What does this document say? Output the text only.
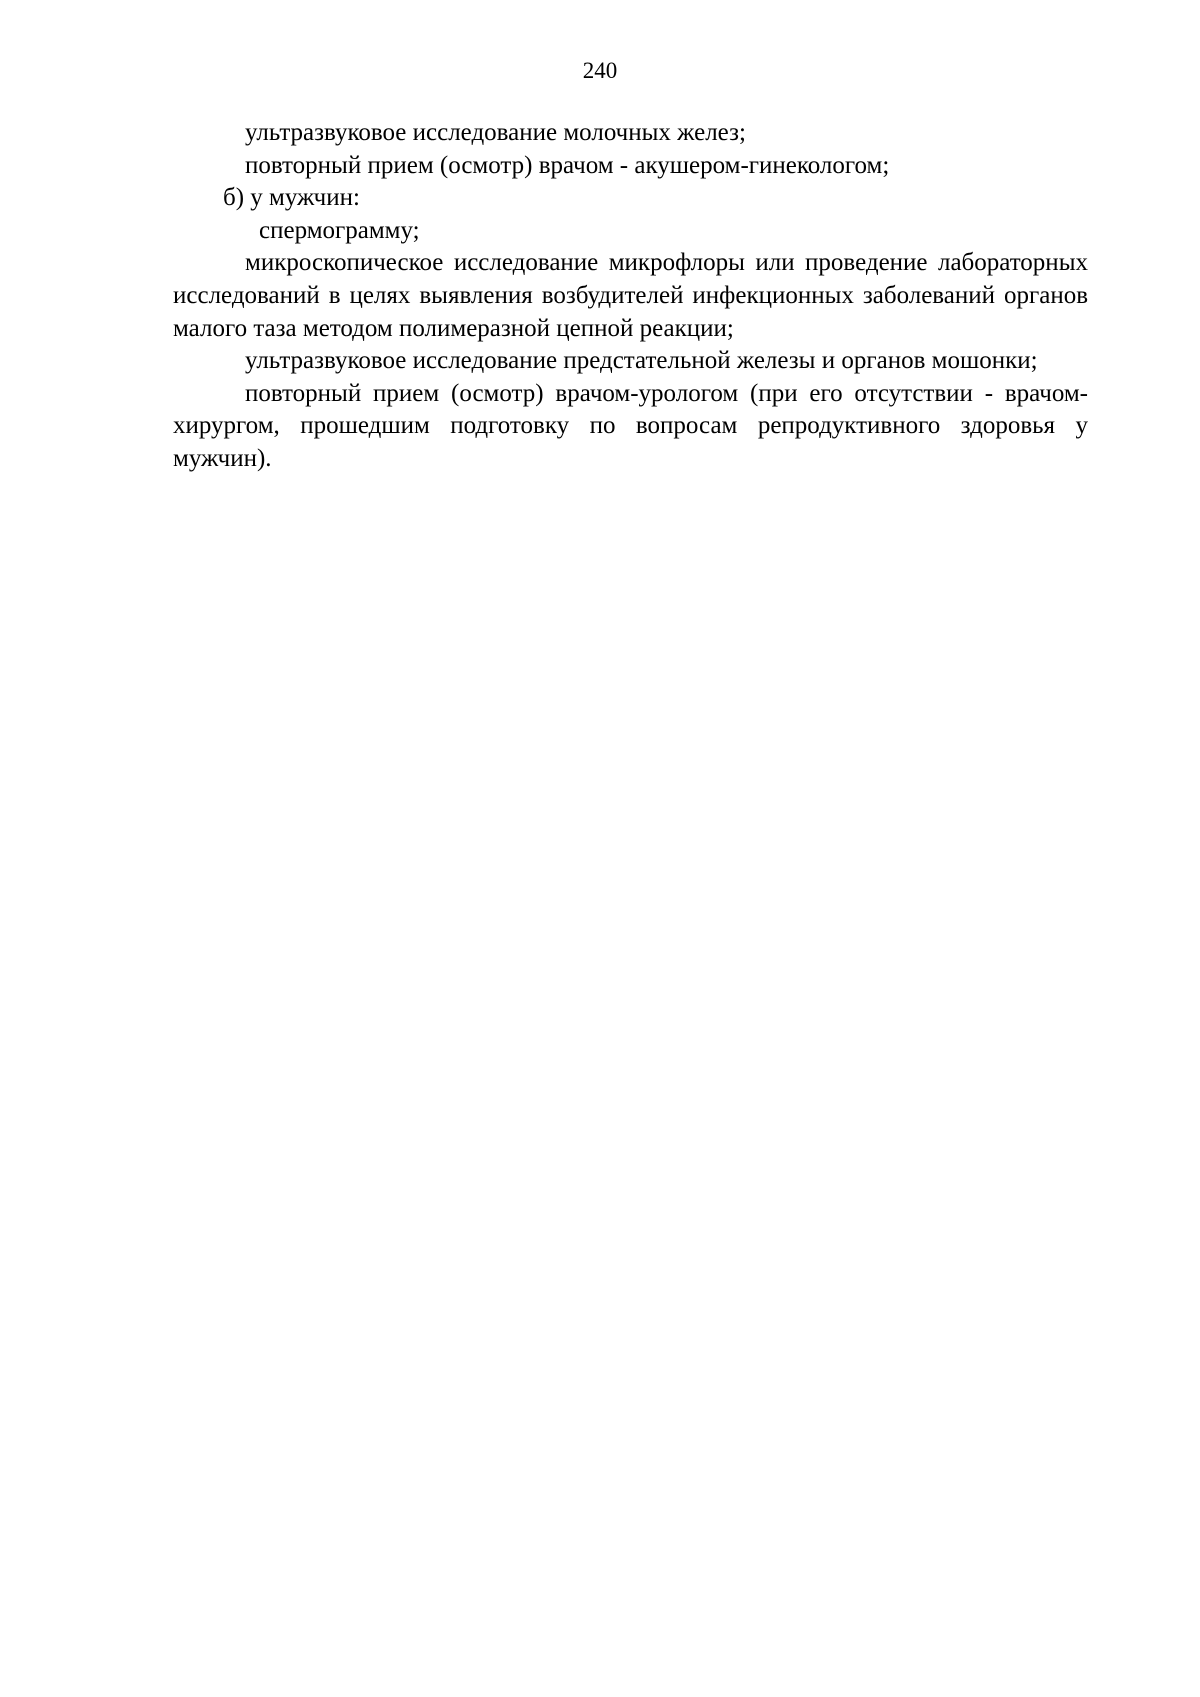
240
ультразвуковое исследование молочных желез;
повторный прием (осмотр) врачом - акушером-гинекологом;
б) у мужчин:
спермограмму;

микроскопическое исследование микрофлоры или проведение лабораторных исследований в целях выявления возбудителей инфекционных заболеваний органов малого таза методом полимеразной цепной реакции;

ультразвуковое исследование предстательной железы и органов мошонки;

повторный прием (осмотр) врачом-урологом (при его отсутствии - врачом-хирургом, прошедшим подготовку по вопросам репродуктивного здоровья у мужчин).
